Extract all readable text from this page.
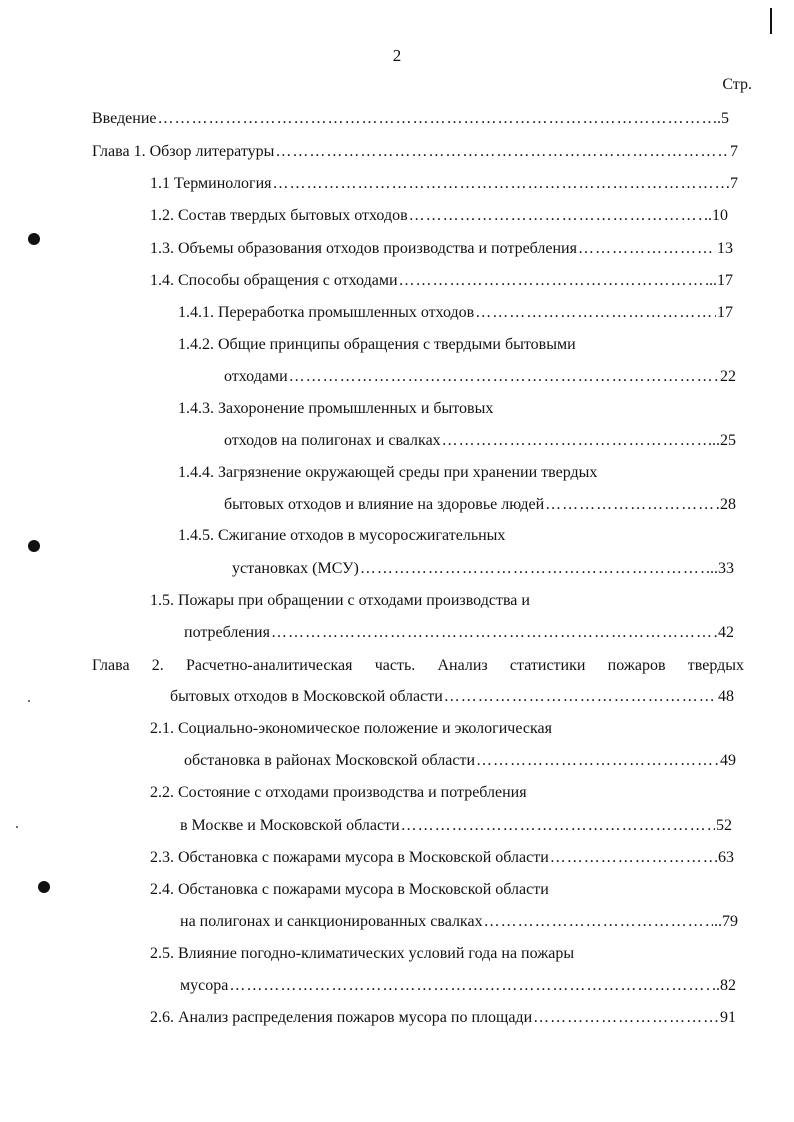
2
Стр.
Введение ……………………………………………………………………………………………………………………………………………………………………………………………………	.5
Глава 1. Обзор литературы ……………………………………………………………………………………………………………………………………………………………………………………………………	7
1.1 Терминология ……………………………………………………………………………………………………………………………………………………………………………………………………	7
1.2. Состав твердых бытовых отходов ……………………………………………………………………………………………………………………………………………………………………………………………………	..10
1.3. Объемы образования отходов производства и потребления ……………………………………………………………………………………………………………………………………………………………………………………………………	13
1.4. Способы обращения с отходами ……………………………………………………………………………………………………………………………………………………………………………………………………	..17
1.4.1. Переработка промышленных отходов ……………………………………………………………………………………………………………………………………………………………………………………………………	17
1.4.2. Общие принципы обращения с твердыми бытовыми
отходами ……………………………………………………………………………………………………………………………………………………………………………………………………	22
1.4.3. Захоронение промышленных и бытовых
отходов на полигонах и свалках ……………………………………………………………………………………………………………………………………………………………………………………………………	..25
1.4.4. Загрязнение окружающей среды при хранении твердых
бытовых отходов и влияние на здоровье людей ……………………………………………………………………………………………………………………………………………………………………………………………………	28
1.4.5. Сжигание отходов в мусоросжигательных
установках (МСУ) ……………………………………………………………………………………………………………………………………………………………………………………………………	...33
1.5. Пожары при обращении с отходами производства и
потребления ……………………………………………………………………………………………………………………………………………………………………………………………………	42
Глава 2. Расчетно-аналитическая часть. Анализ статистики пожаров твердых
бытовых отходов в Московской области ……………………………………………………………………………………………………………………………………………………………………………………………………	48
2.1. Социально-экономическое положение и экологическая
обстановка в районах Московской области ……………………………………………………………………………………………………………………………………………………………………………………………………	49
2.2. Состояние с отходами производства и потребления
в Москве и Московской области ……………………………………………………………………………………………………………………………………………………………………………………………………	52
2.3. Обстановка с пожарами мусора в Московской области ……………………………………………………………………………………………………………………………………………………………………………………………………	63
2.4. Обстановка с пожарами мусора в Московской области
на полигонах и санкционированных свалках ……………………………………………………………………………………………………………………………………………………………………………………………………	..79
2.5. Влияние погодно-климатических условий года на пожары
мусора ……………………………………………………………………………………………………………………………………………………………………………………………………	..82
2.6. Анализ распределения пожаров мусора по площади ……………………………………………………………………………………………………………………………………………………………………………………………………	91
